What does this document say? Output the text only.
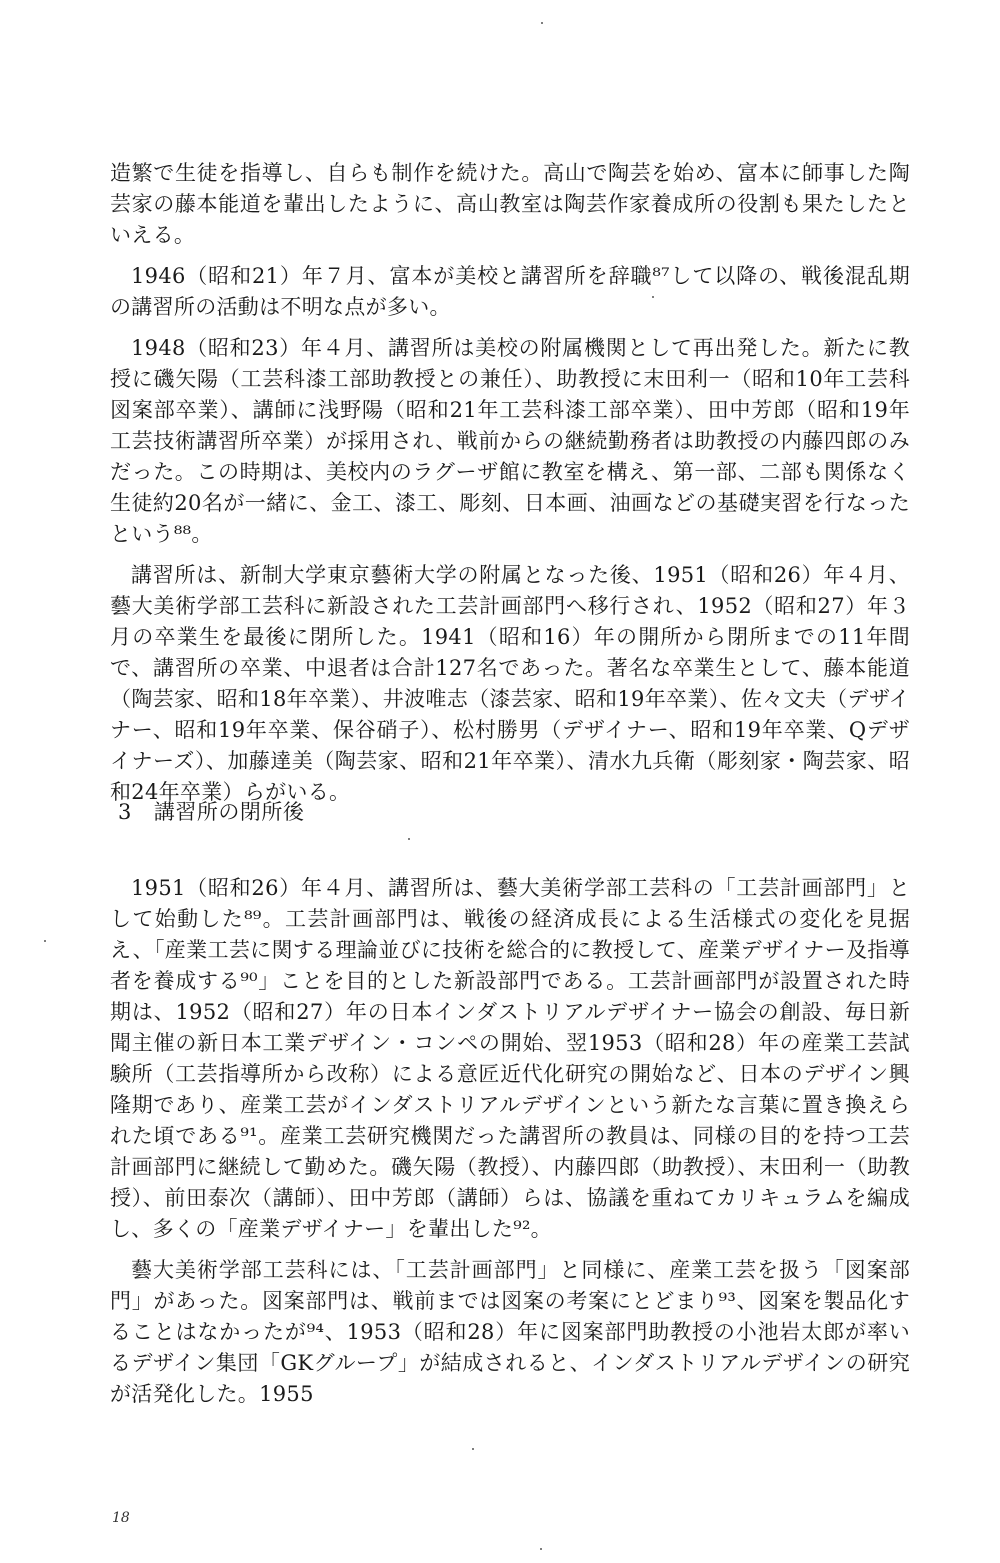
造繁で生徒を指導し、自らも制作を続けた。高山で陶芸を始め、富本に師事した陶芸家の藤本能道を輩出したように、高山教室は陶芸作家養成所の役割も果たしたといえる。

1946（昭和21）年７月、富本が美校と講習所を辞職⁸⁷して以降の、戦後混乱期の講習所の活動は不明な点が多い。

1948（昭和23）年４月、講習所は美校の附属機関として再出発した。新たに教授に磯矢陽（工芸科漆工部助教授との兼任）、助教授に末田利一（昭和10年工芸科図案部卒業）、講師に浅野陽（昭和21年工芸科漆工部卒業）、田中芳郎（昭和19年工芸技術講習所卒業）が採用され、戦前からの継続勤務者は助教授の内藤四郎のみだった。この時期は、美校内のラグーザ館に教室を構え、第一部、二部も関係なく生徒約20名が一緒に、金工、漆工、彫刻、日本画、油画などの基礎実習を行なったという⁸⁸。

講習所は、新制大学東京藝術大学の附属となった後、1951（昭和26）年４月、藝大美術学部工芸科に新設された工芸計画部門へ移行され、1952（昭和27）年３月の卒業生を最後に閉所した。1941（昭和16）年の開所から閉所までの11年間で、講習所の卒業、中退者は合計127名であった。著名な卒業生として、藤本能道（陶芸家、昭和18年卒業）、井波唯志（漆芸家、昭和19年卒業）、佐々文夫（デザイナー、昭和19年卒業、保谷硝子）、松村勝男（デザイナー、昭和19年卒業、Qデザイナーズ）、加藤達美（陶芸家、昭和21年卒業）、清水九兵衛（彫刻家・陶芸家、昭和24年卒業）らがいる。

3 講習所の閉所後

1951（昭和26）年４月、講習所は、藝大美術学部工芸科の「工芸計画部門」として始動した⁸⁹。工芸計画部門は、戦後の経済成長による生活様式の変化を見据え、「産業工芸に関する理論並びに技術を総合的に教授して、産業デザイナー及指導者を養成する⁹⁰」ことを目的とした新設部門である。工芸計画部門が設置された時期は、1952（昭和27）年の日本インダストリアルデザイナー協会の創設、毎日新聞主催の新日本工業デザイン・コンペの開始、翌1953（昭和28）年の産業工芸試験所（工芸指導所から改称）による意匠近代化研究の開始など、日本のデザイン興隆期であり、産業工芸がインダストリアルデザインという新たな言葉に置き換えられた頃である⁹¹。産業工芸研究機関だった講習所の教員は、同様の目的を持つ工芸計画部門に継続して勤めた。磯矢陽（教授）、内藤四郎（助教授）、末田利一（助教授）、前田泰次（講師）、田中芳郎（講師）らは、協議を重ねてカリキュラムを編成し、多くの「産業デザイナー」を輩出した⁹²。

藝大美術学部工芸科には、「工芸計画部門」と同様に、産業工芸を扱う「図案部門」があった。図案部門は、戦前までは図案の考案にとどまり⁹³、図案を製品化することはなかったが⁹⁴、1953（昭和28）年に図案部門助教授の小池岩太郎が率いるデザイン集団「GKグループ」が結成されると、インダストリアルデザインの研究が活発化した。1955

18
